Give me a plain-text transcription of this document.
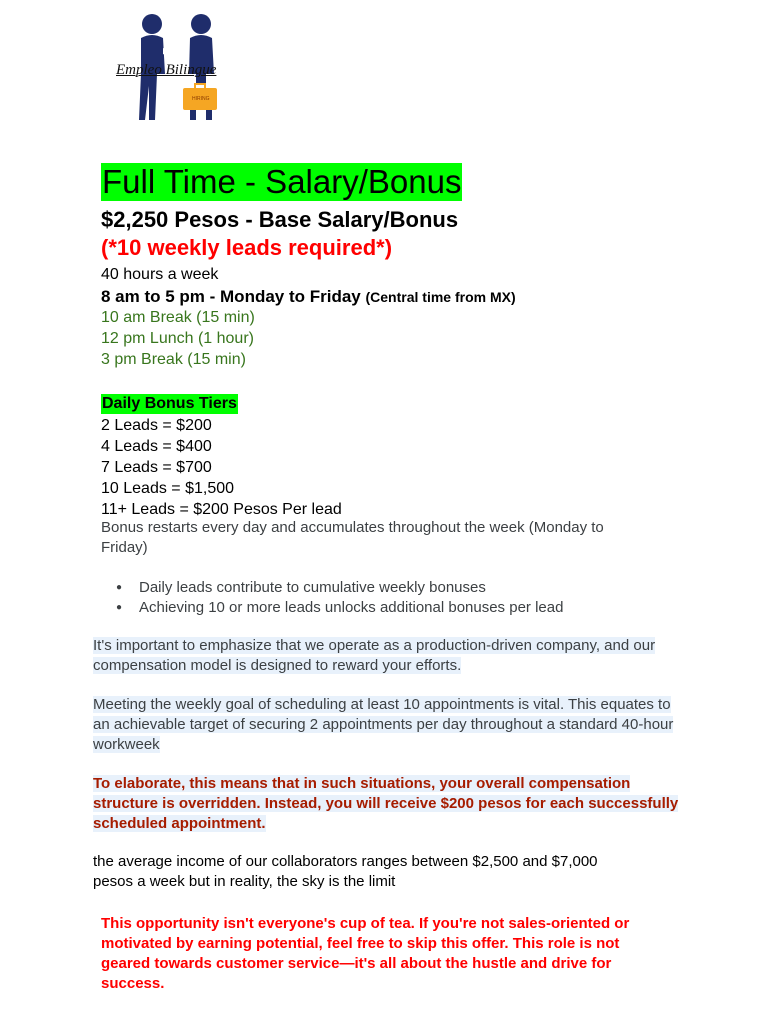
Empleo Bilingue
HIRING
Full Time - Salary/Bonus
$2,250 Pesos - Base Salary/Bonus
(*10 weekly leads required*)
40 hours a week
8 am to 5 pm - Monday to Friday (Central time from MX)
10 am Break (15 min)
12 pm Lunch (1 hour)
3 pm Break (15 min)
Daily Bonus Tiers
2 Leads = $200
4 Leads = $400
7 Leads = $700
10 Leads = $1,500
11+ Leads = $200 Pesos Per lead
Bonus restarts every day and accumulates throughout the week (Monday to Friday)
● Daily leads contribute to cumulative weekly bonuses
● Achieving 10 or more leads unlocks additional bonuses per lead
It's important to emphasize that we operate as a production-driven company, and our compensation model is designed to reward your efforts.
Meeting the weekly goal of scheduling at least 10 appointments is vital. This equates to an achievable target of securing 2 appointments per day throughout a standard 40-hour workweek
To elaborate, this means that in such situations, your overall compensation structure is overridden. Instead, you will receive $200 pesos for each successfully scheduled appointment.
the average income of our collaborators ranges between $2,500 and $7,000 pesos a week but in reality, the sky is the limit
This opportunity isn't everyone's cup of tea. If you're not sales-oriented or motivated by earning potential, feel free to skip this offer. This role is not geared towards customer service—it's all about the hustle and drive for success.
